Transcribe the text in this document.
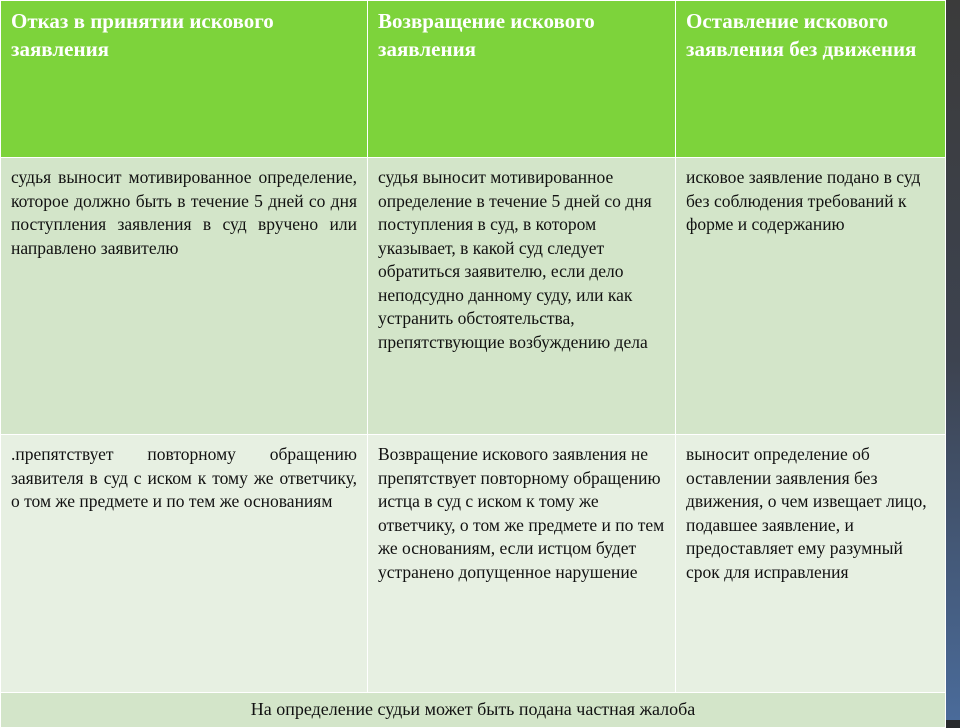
Отказ в принятии искового заявления	Возвращение искового заявления	Оставление искового заявления без движения
судья выносит мотивированное определение, которое должно быть в течение 5 дней со дня поступления заявления в суд вручено или направлено заявителю	судья выносит мотивированное определение в течение 5 дней со дня поступления в суд, в котором указывает, в какой суд следует обратиться заявителю, если дело неподсудно данному суду, или как устранить обстоятельства, препятствующие возбуждению дела	исковое заявление подано в суд без соблюдения требований к форме и содержанию
.препятствует повторному обращению заявителя в суд с иском к тому же ответчику, о том же предмете и по тем же основаниям	Возвращение искового заявления не препятствует повторному обращению истца в суд с иском к тому же ответчику, о том же предмете и по тем же основаниям, если истцом будет устранено допущенное нарушение	выносит определение об оставлении заявления без движения, о чем извещает лицо, подавшее заявление, и предоставляет ему разумный срок для исправления
На определение судьи может быть подана частная жалоба		
